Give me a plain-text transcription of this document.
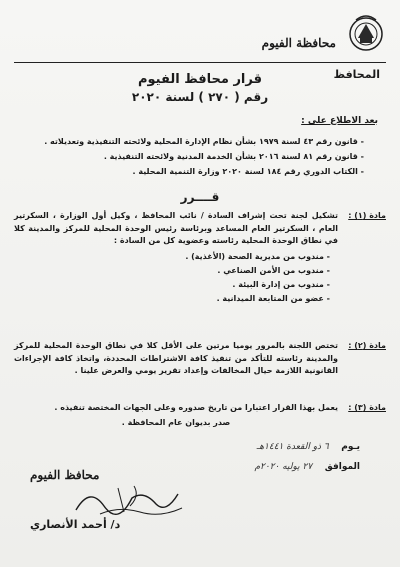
محافظة الفيوم
المحافظ
قرار محافظ الفيوم
رقم ( ٢٧٠ ) لسنة ٢٠٢٠
بعد الاطلاع على :
- قانون رقم ٤٣ لسنة ١٩٧٩ بشأن نظام الإدارة المحلية ولائحته التنفيذية وتعديلاته .
- قانون رقم ٨١ لسنة ٢٠١٦ بشأن الخدمة المدنية ولائحته التنفيذية .
- الكتاب الدوري رقم ١٨٤ لسنة ٢٠٢٠ وزارة التنمية المحلية .
قــــرر
مادة (١) :
تشكيل لجنة تحت إشراف السادة / نائب المحافظ ، وكيل أول الوزارة ، السكرتير العام ، السكرتير العام المساعد وبرئاسة رئيس الوحدة المحلية للمركز والمدينة كلا في نطاق الوحدة المحلية رئاسته وعضوية كل من السادة :
- مندوب من مديرية الصحة (الأغذية) .
- مندوب من الأمن الصناعي .
- مندوب من إدارة البيئة .
- عضو من المتابعة الميدانية .
مادة (٢) :
تختص اللجنة بالمرور يوميا مرتين على الأقل كلا في نطاق الوحدة المحلية للمركز والمدينة رئاسته للتأكد من تنفيذ كافة الاشتراطات المحددة، واتخاذ كافة الإجراءات القانونية اللازمة حيال المخالفات وإعداد تقرير يومي والعرض علينا .
مادة (٣) :
يعمل بهذا القرار اعتبارا من تاريخ صدوره وعلى الجهات المختصة تنفيذه .
صدر بديوان عام المحافظة .
يـوم    ٦ ذو القعدة ١٤٤١هـ
الموافق    ٢٧ يوليه ٢٠٢٠م
محافظ الفيوم
د/ أحمد الأنصاري
